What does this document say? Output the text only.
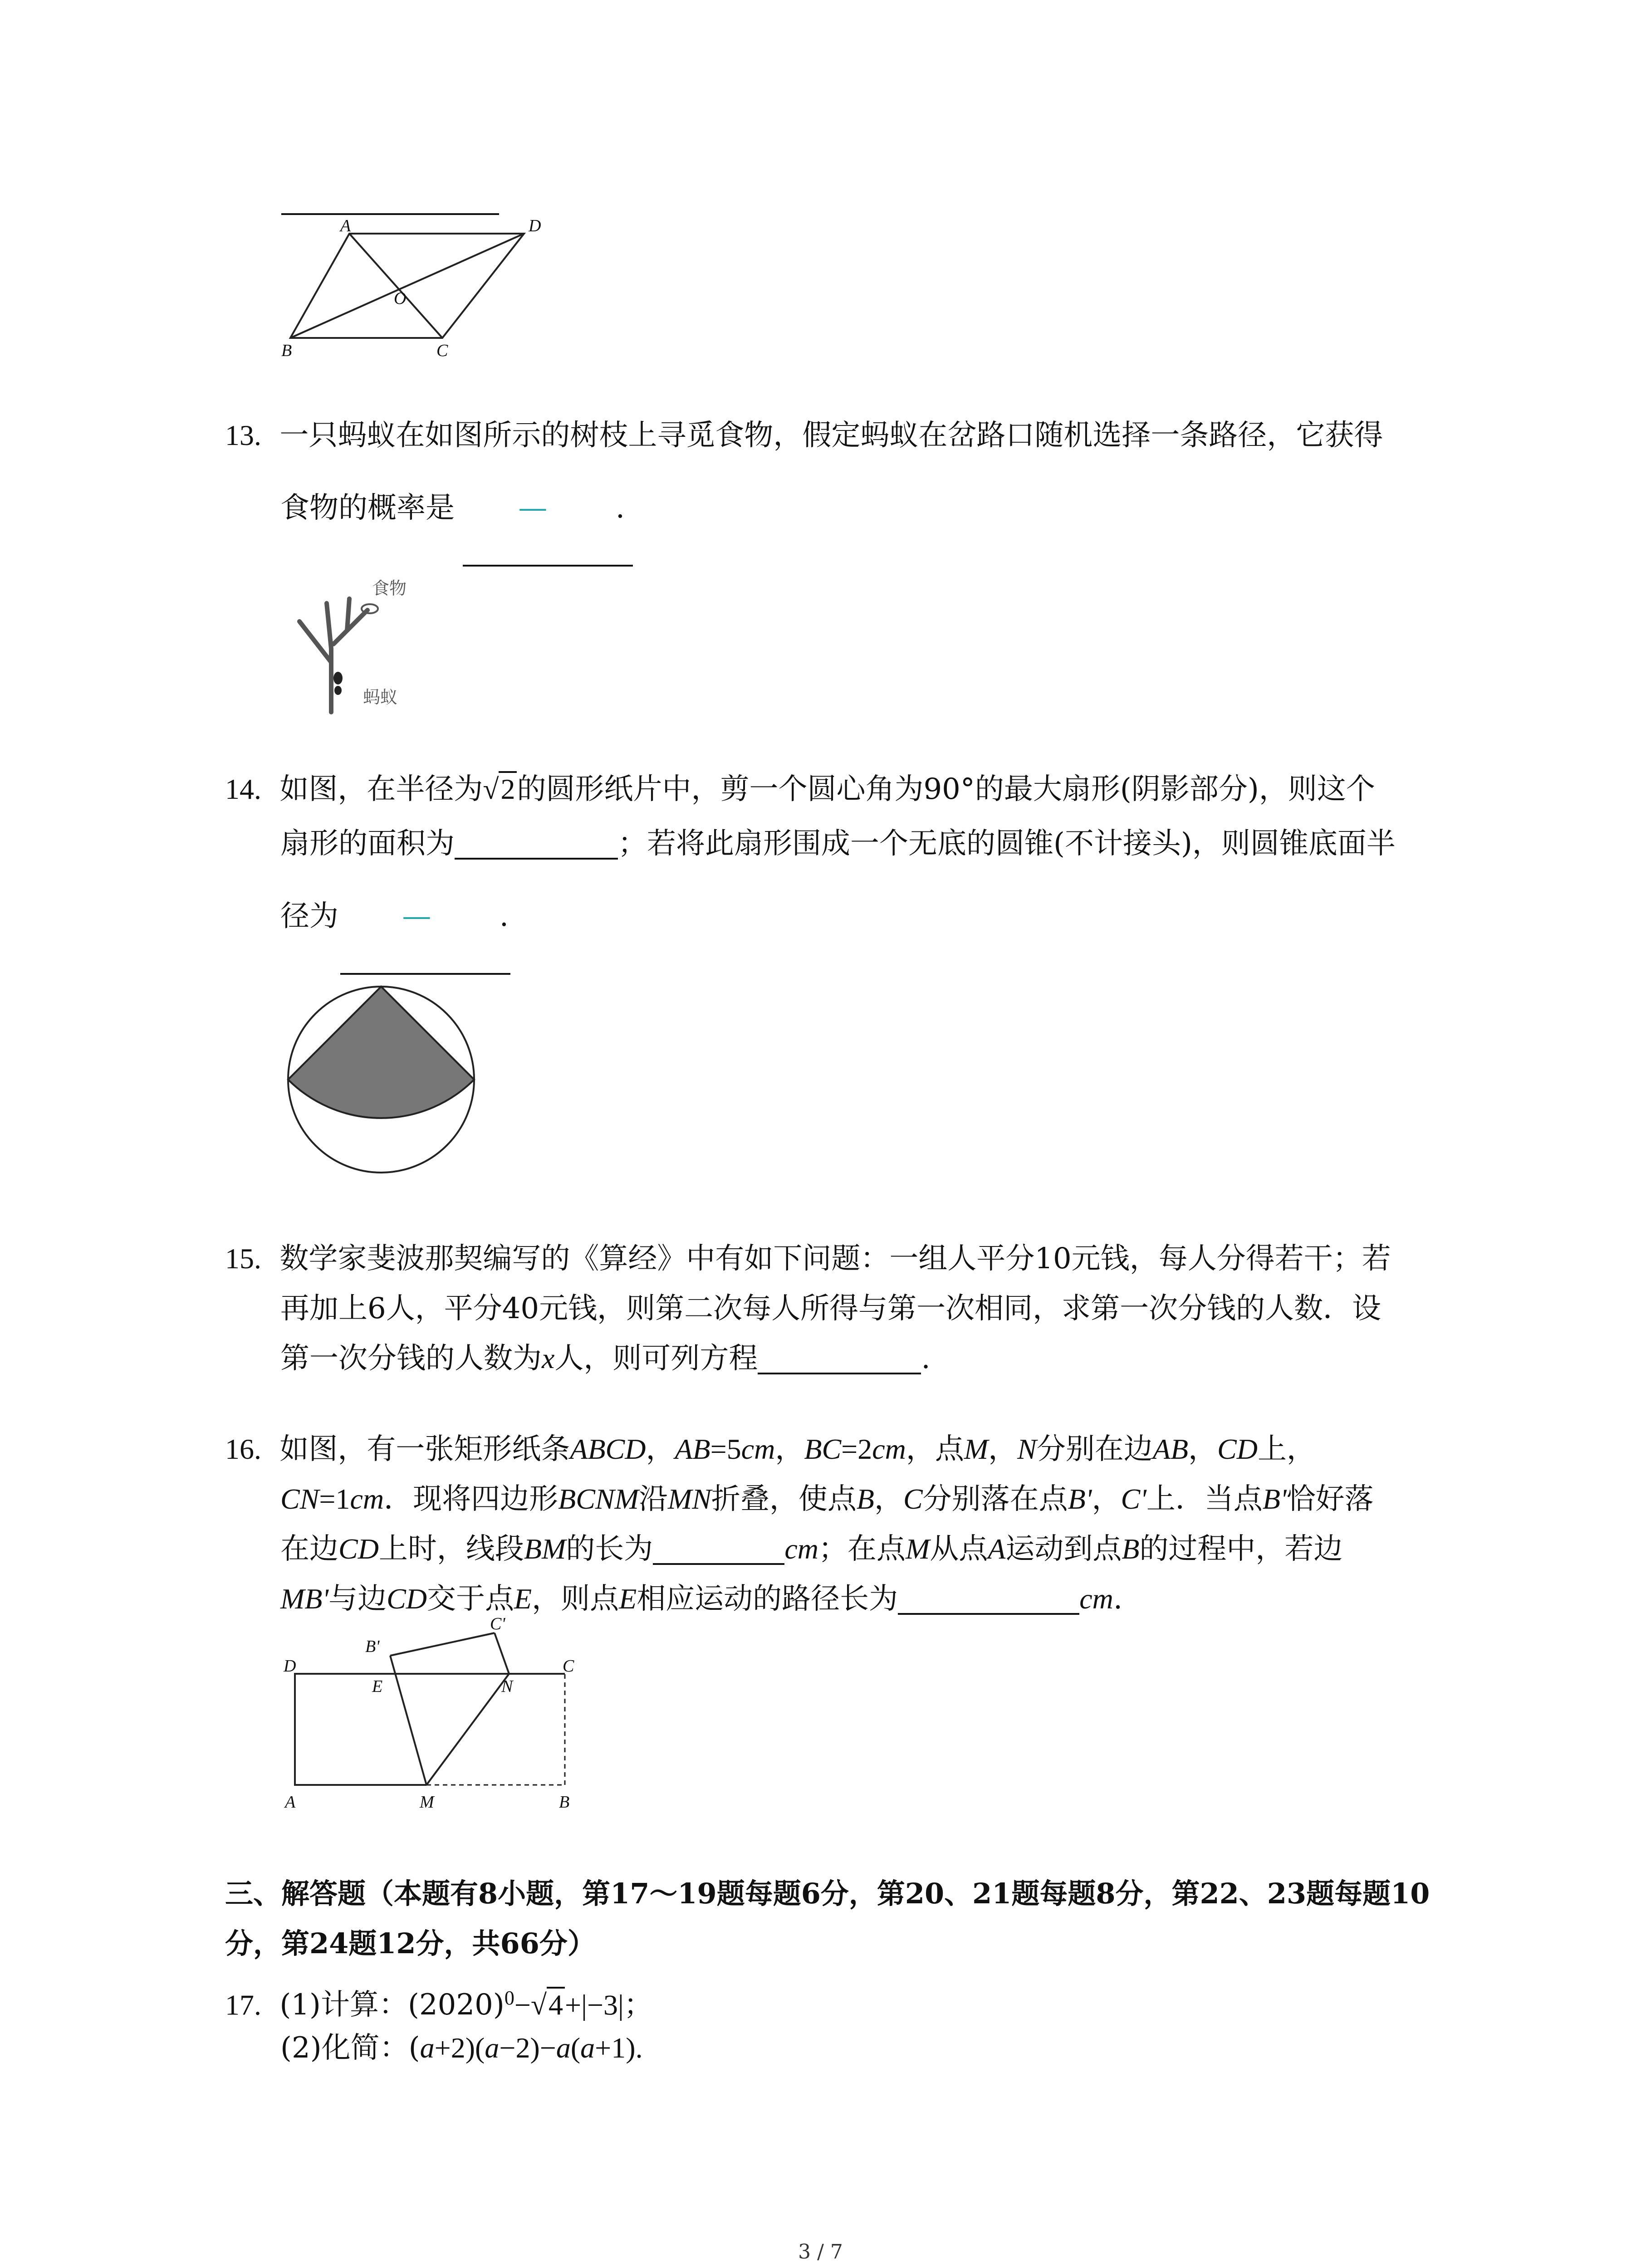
A	D
O
B	C
13. 一只蚂蚁在如图所示的树枝上寻觅食物，假定蚂蚁在岔路口随机选择一条路径，它获得
食物的概率是 — .
食物
蚂蚁
14. 如图，在半径为√2的圆形纸片中，剪一个圆心角为90°的最大扇形(阴影部分)，则这个
扇形的面积为	；若将此扇形围成一个无底的圆锥(不计接头)，则圆锥底面半
径为 — .
15. 数学家斐波那契编写的《算经》中有如下问题：一组人平分10元钱，每人分得若干；若
再加上6人，平分40元钱，则第二次每人所得与第一次相同，求第一次分钱的人数．设
第一次分钱的人数为x人，则可列方程	.
16. 如图，有一张矩形纸条ABCD，AB=5cm，BC=2cm，点M，N分别在边AB，CD上，
CN=1cm．现将四边形BCNM沿MN折叠，使点B，C分别落在点B'，C'上．当点B'恰好落
在边CD上时，线段BM的长为	cm；在点M从点A运动到点B的过程中，若边
MB'与边CD交于点E，则点E相应运动的路径长为	cm.
B'
C'
D	C
E	N
A	M	B
三、解答题（本题有8小题，第17～19题每题6分，第20、21题每题8分，第22、23题每题10
分，第24题12分，共66分）
17. (1)计算：$(2020)^0-√4+|-3|$；
(2)化简：(a+2)(a−2)−a(a+1).
3 / 7
